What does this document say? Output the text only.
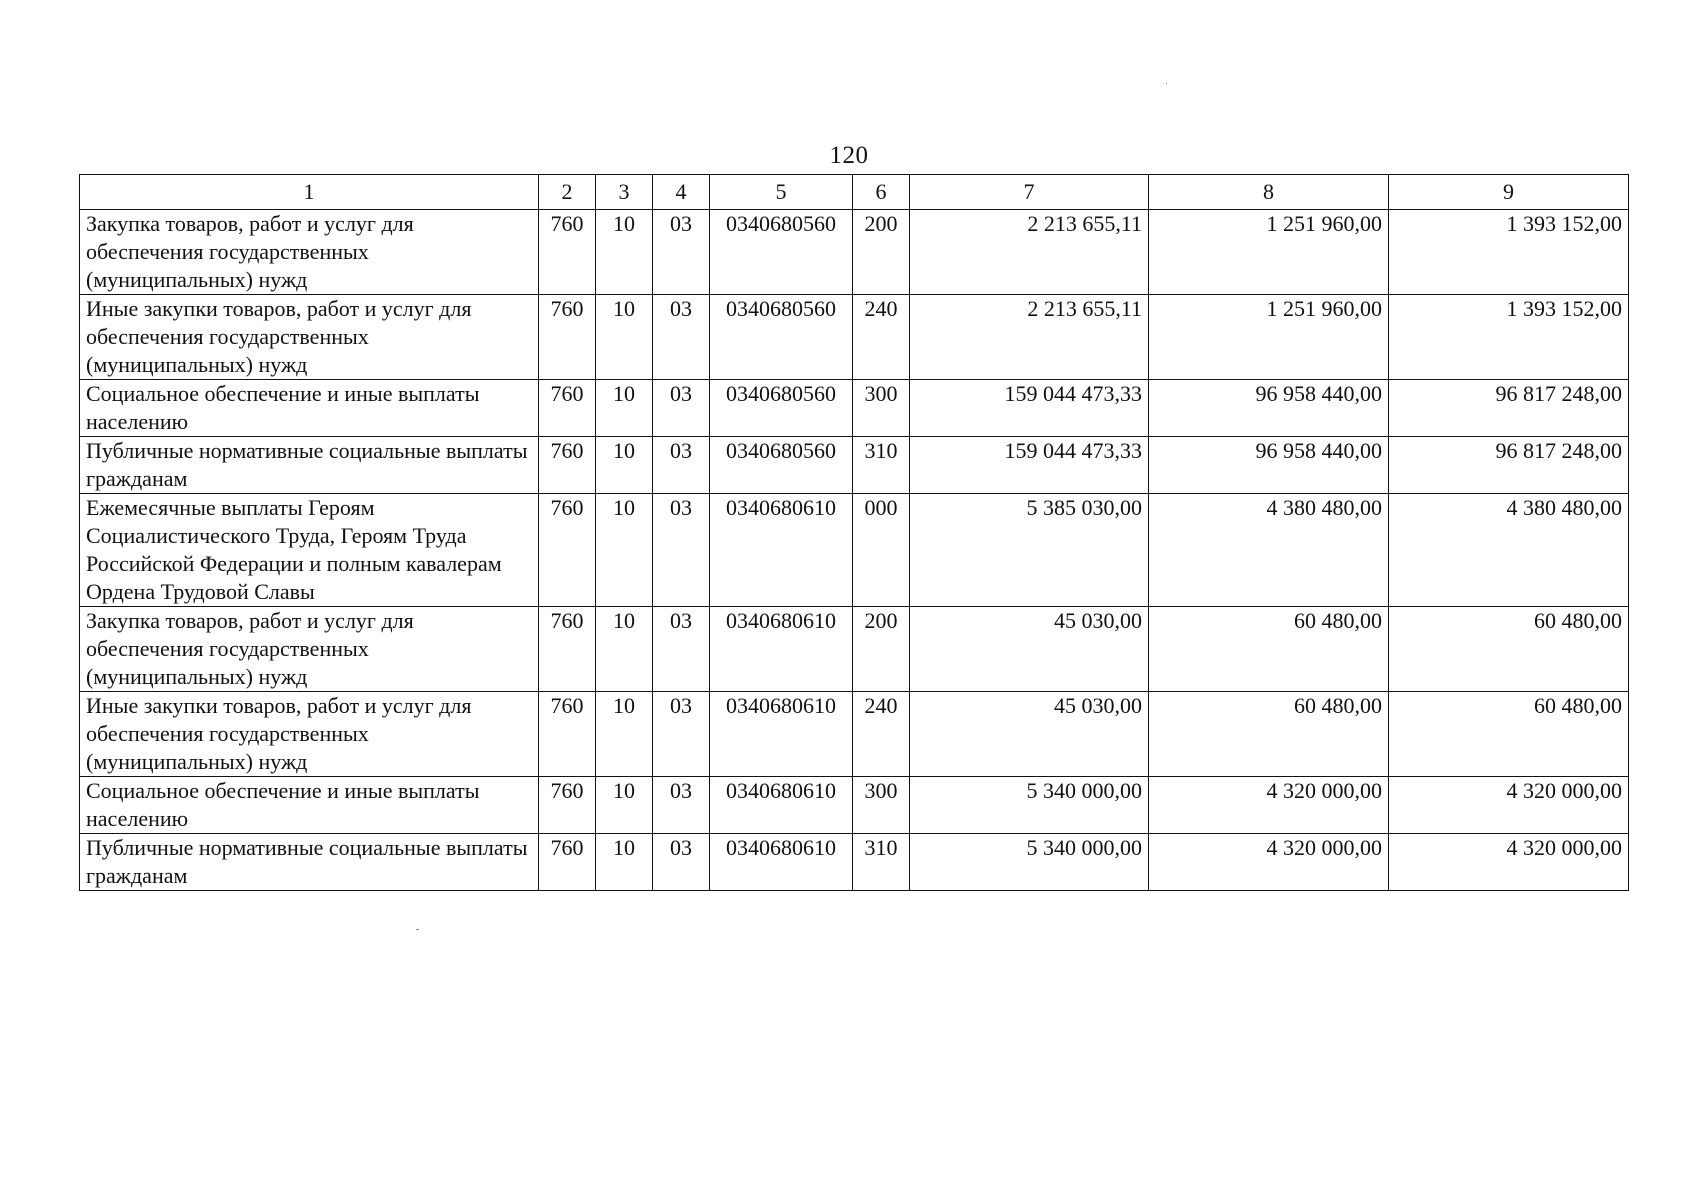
120
1	2	3	4	5	6	7	8	9
Закупка товаров, работ и услуг для обеспечения государственных (муниципальных) нужд	760	10	03	0340680560	200	2 213 655,11	1 251 960,00	1 393 152,00
Иные закупки товаров, работ и услуг для обеспечения государственных (муниципальных) нужд	760	10	03	0340680560	240	2 213 655,11	1 251 960,00	1 393 152,00
Социальное обеспечение и иные выплаты населению	760	10	03	0340680560	300	159 044 473,33	96 958 440,00	96 817 248,00
Публичные нормативные социальные выплаты гражданам	760	10	03	0340680560	310	159 044 473,33	96 958 440,00	96 817 248,00
Ежемесячные выплаты Героям Социалистического Труда, Героям Труда Российской Федерации и полным кавалерам Ордена Трудовой Славы	760	10	03	0340680610	000	5 385 030,00	4 380 480,00	4 380 480,00
Закупка товаров, работ и услуг для обеспечения государственных (муниципальных) нужд	760	10	03	0340680610	200	45 030,00	60 480,00	60 480,00
Иные закупки товаров, работ и услуг для обеспечения государственных (муниципальных) нужд	760	10	03	0340680610	240	45 030,00	60 480,00	60 480,00
Социальное обеспечение и иные выплаты населению	760	10	03	0340680610	300	5 340 000,00	4 320 000,00	4 320 000,00
Публичные нормативные социальные выплаты гражданам	760	10	03	0340680610	310	5 340 000,00	4 320 000,00	4 320 000,00
